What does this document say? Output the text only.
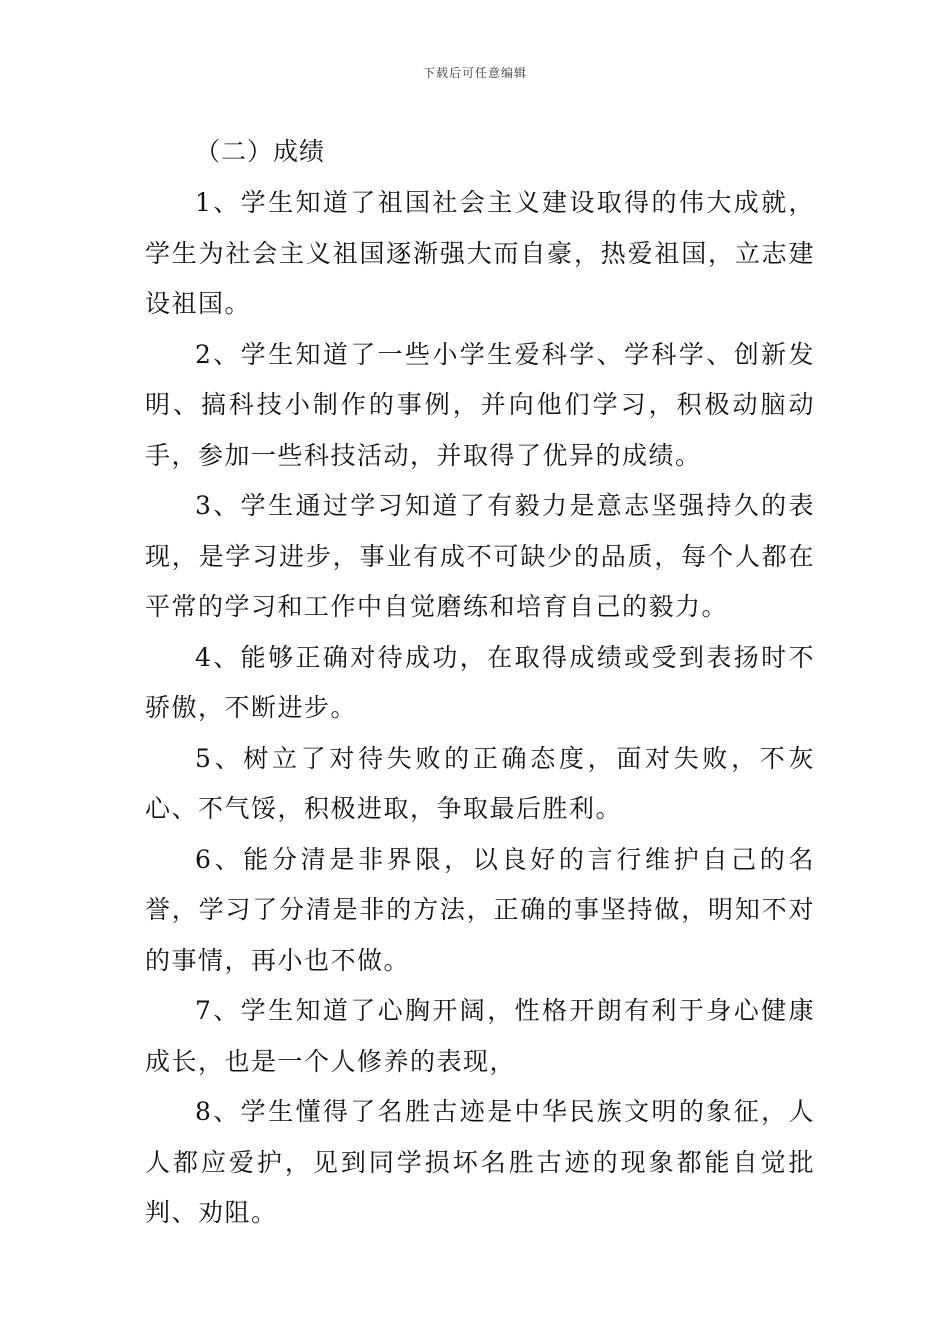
下载后可任意编辑
（二）成绩

1、学生知道了祖国社会主义建设取得的伟大成就，学生为社会主义祖国逐渐强大而自豪，热爱祖国，立志建设祖国。

2、学生知道了一些小学生爱科学、学科学、创新发明、搞科技小制作的事例，并向他们学习，积极动脑动手，参加一些科技活动，并取得了优异的成绩。

3、学生通过学习知道了有毅力是意志坚强持久的表现，是学习进步，事业有成不可缺少的品质，每个人都在平常的学习和工作中自觉磨练和培育自己的毅力。

4、能够正确对待成功，在取得成绩或受到表扬时不骄傲，不断进步。

5、树立了对待失败的正确态度，面对失败，不灰心、不气馁，积极进取，争取最后胜利。

6、能分清是非界限，以良好的言行维护自己的名誉，学习了分清是非的方法，正确的事坚持做，明知不对的事情，再小也不做。

7、学生知道了心胸开阔，性格开朗有利于身心健康成长，也是一个人修养的表现，

8、学生懂得了名胜古迹是中华民族文明的象征，人人都应爱护，见到同学损坏名胜古迹的现象都能自觉批判、劝阻。
